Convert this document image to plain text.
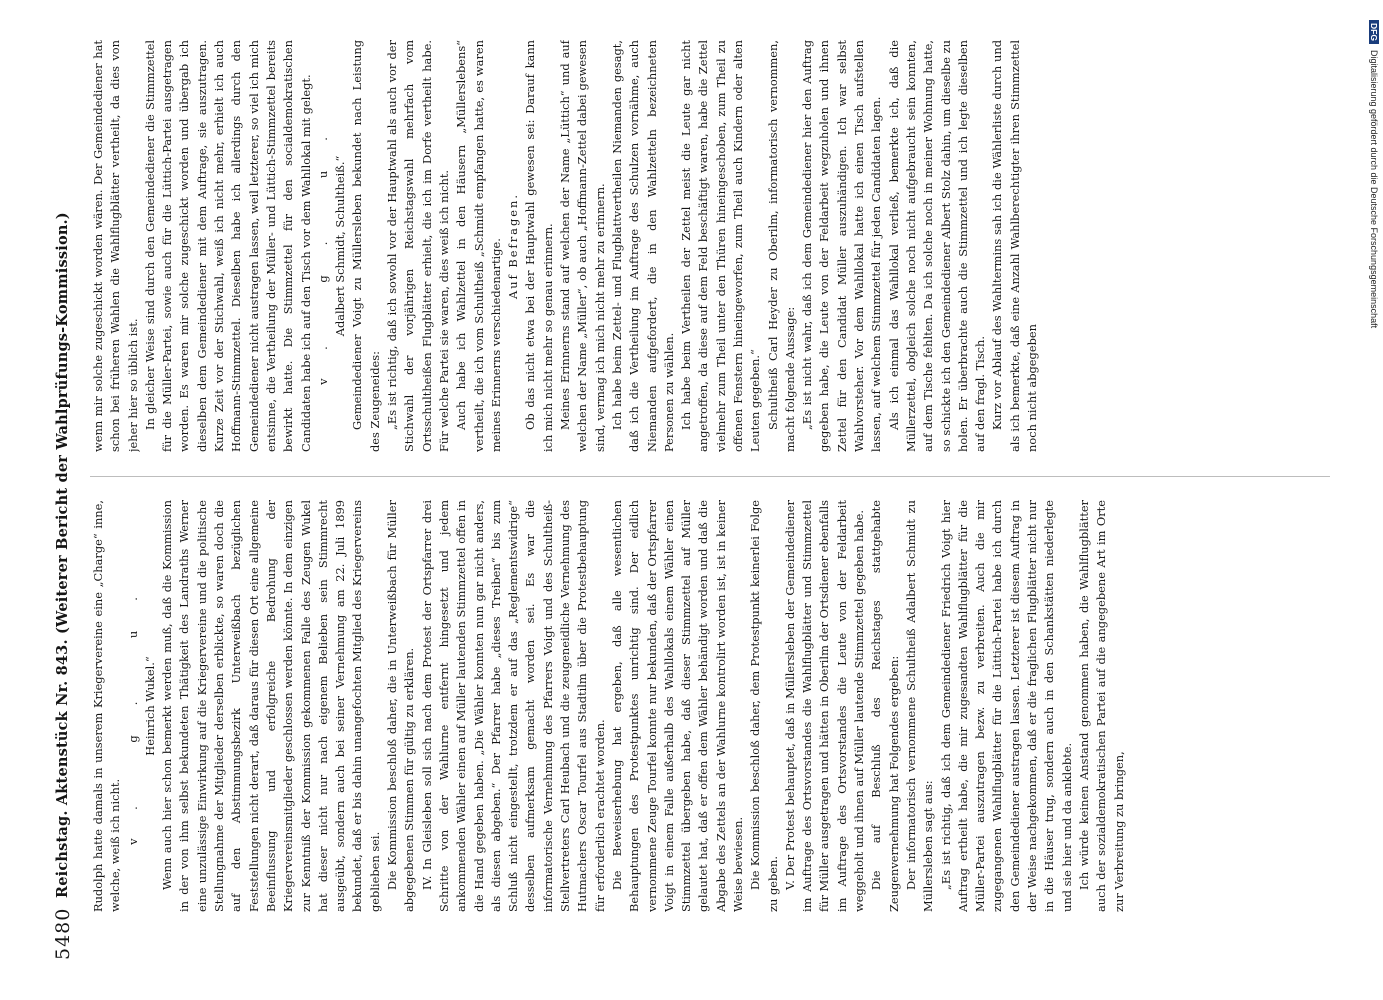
5480
Reichstag. Aktenstück Nr. 843. (Weiterer Bericht der Wahlprüfungs-Kommission.) Rudolph hatte damals in unserem Kriegervereine eine „Charge“ inne, welche, weiß ich nicht.

v. g. u. Heinrich Wukel.“ Wenn auch hier schon bemerkt werden muß, daß die Kommission in der von ihm selbst bekundeten Thätigkeit des Landraths Werner eine unzulässige Einwirkung auf die Kriegervereine und die politische Stellungnahme der Mitglieder derselben erblickte, so waren doch die auf den Abstimmungsbezirk Unterweißbach bezüglichen Feststellungen nicht derart, daß daraus für diesen Ort eine allgemeine Beeinflussung und erfolgreiche Bedrohung der Kriegervereinsmitglieder geschlossen werden könnte. In dem einzigen zur Kenntniß der Kommission gekommenen Falle des Zeugen Wukel hat dieser nicht nur nach eigenem Belieben sein Stimmrecht ausgeübt, sondern auch bei seiner Vernehmung am 22. Juli 1899 bekundet, daß er bis dahin unangefochten Mitglied des Kriegervereins geblieben sei. Die Kommission beschloß daher, die in Unterweißbach für Müller abgegebenen Stimmen für gültig zu erklären. IV. In Gleisleben soll sich nach dem Protest der Ortspfarrer drei Schritte von der Wahlurne entfernt hingesetzt und jedem ankommenden Wähler einen auf Müller lautenden Stimmzettel offen in die Hand gegeben haben. „Die Wähler konnten nun gar nicht anders, als diesen abgeben.“ Der Pfarrer habe „dieses Treiben“ bis zum Schluß nicht eingestellt, trotzdem er auf das „Reglementswidrige“ desselben aufmerksam gemacht worden sei. Es war die informatorische Vernehmung des Pfarrers Voigt und des Schultheiß-Stellvertreters Carl Heubach und die zeugeneidliche Vernehmung des Hutmachers Oscar Tourfel aus Stadtilm über die Protestbehauptung für erforderlich erachtet worden. Die Beweiserhebung hat ergeben, daß alle wesentlichen Behauptungen des Protestpunktes unrichtig sind. Der eidlich vernommene Zeuge Tourfel konnte nur bekunden, daß der Ortspfarrer Voigt in einem Falle außerhalb des Wahllokals einem Wähler einen Stimmzettel übergeben habe, daß dieser Stimmzettel auf Müller gelautet hat, daß er offen dem Wähler behändigt worden und daß die Abgabe des Zettels an der Wahlurne kontrolirt worden ist, ist in keiner Weise bewiesen. Die Kommission beschloß daher, dem Protestpunkt keinerlei Folge zu geben. V. Der Protest behauptet, daß in Müllersleben der Gemeindediener im Auftrage des Ortsvorstandes die Wahlflugblätter und Stimmzettel für Müller ausgetragen und hätten in Oberilm der Ortsdiener ebenfalls im Auftrage des Ortsvorstandes die Leute von der Feldarbeit weggeholt und ihnen auf Müller lautende Stimmzettel gegeben habe. Die auf Beschluß des Reichstages stattgehabte Zeugenvernehmung hat Folgendes ergeben: Der informatorisch vernommene Schultheiß Adalbert Schmidt zu Müllersleben sagt aus: „Es ist richtig, daß ich dem Gemeindediener Friedrich Voigt hier Auftrag ertheilt habe, die mir zugesandten Wahlflugblätter für die Müller-Partei auszutragen bezw. zu verbreiten. Auch die mir zugegangenen Wahlflugblätter für die Lüttich-Partei habe ich durch den Gemeindediener austragen lassen. Letzterer ist diesem Auftrag in der Weise nachgekommen, daß er die fraglichen Flugblätter nicht nur in die Häuser trug, sondern auch in den Schankstätten niederlegte und sie hier und da anklebte. Ich würde keinen Anstand genommen haben, die Wahlflugblätter auch der sozialdemokratischen Partei auf die angegebene Art im Orte zur Verbreitung zu bringen,

wenn mir solche zugeschickt worden wären. Der Gemeindediener hat schon bei früheren Wahlen die Wahlflugblätter vertheilt, da dies von jeher hier so üblich ist. In gleicher Weise sind durch den Gemeindediener die Stimmzettel für die Müller-Partei, sowie auch für die Lüttich-Partei ausgetragen worden. Es waren mir solche zugeschickt worden und übergab ich dieselben dem Gemeindediener mit dem Auftrage, sie auszutragen. Kurze Zeit vor der Stichwahl, weiß ich nicht mehr, erhielt ich auch Hoffmann-Stimmzettel. Dieselben habe ich allerdings durch den Gemeindediener nicht austragen lassen, weil letzterer, so viel ich mich entsinne, die Vertheilung der Müller- und Lüttich-Stimmzettel bereits bewirkt hatte. Die Stimmzettel für den socialdemokratischen Candidaten habe ich auf den Tisch vor dem Wahllokal mit gelegt. v. g. u. Adalbert Schmidt, Schultheiß.“ Gemeindediener Voigt zu Müllersleben bekundet nach Leistung des Zeugeneides: „Es ist richtig, daß ich sowohl vor der Hauptwahl als auch vor der Stichwahl der vorjährigen Reichstagswahl mehrfach vom Ortsschultheißen Flugblätter erhielt, die ich im Dorfe vertheilt habe. Für welche Partei sie waren, dies weiß ich nicht. Auch habe ich Wahlzettel in den Häusern „Müllerslebens“ vertheilt, die ich vom Schultheiß „Schmidt empfangen hatte, es waren meines Erinnerns verschiedenartige. Auf Befragen. Ob das nicht etwa bei der Hauptwahl gewesen sei: Darauf kann ich mich nicht mehr so genau erinnern. Meines Erinnerns stand auf welchen der Name „Lüttich“ und auf welchen der Name „Müller“, ob auch „Hoffmann-Zettel dabei gewesen sind, vermag ich mich nicht mehr zu erinnern. Ich habe beim Zettel- und Flugblattvertheilen Niemanden gesagt, daß ich die Vertheilung im Auftrage des Schulzen vornähme, auch Niemanden aufgefordert, die in den Wahlzetteln bezeichneten Personen zu wählen. Ich habe beim Vertheilen der Zettel meist die Leute gar nicht angetroffen, da diese auf dem Feld beschäftigt waren, habe die Zettel vielmehr zum Theil unter den Thüren hineingeschoben, zum Theil zu offenen Fenstern hineingeworfen, zum Theil auch Kindern oder alten Leuten gegeben.“ Schultheiß Carl Heyder zu Oberilm, informatorisch vernommen, macht folgende Aussage: „Es ist nicht wahr, daß ich dem Gemeindediener hier den Auftrag gegeben habe, die Leute von der Feldarbeit wegzuholen und ihnen Zettel für den Candidat Müller auszuhändigen. Ich war selbst Wahlvorsteher. Vor dem Wahllokal hatte ich einen Tisch aufstellen lassen, auf welchem Stimmzettel für jeden Candidaten lagen. Als ich einmal das Wahllokal verließ, bemerkte ich, daß die Müllerzettel, obgleich solche noch nicht aufgebraucht sein konnten, auf dem Tische fehlten. Da ich solche noch in meiner Wohnung hatte, so schickte ich den Gemeindediener Albert Stolz dahin, um dieselbe zu holen. Er überbrachte auch die Stimmzettel und ich legte dieselben auf den fragl. Tisch. Kurz vor Ablauf des Wahltermins sah ich die Wählerliste durch und als ich bemerkte, daß eine Anzahl Wahlberechtigter ihren Stimmzettel noch nicht abgegeben

DFGDigitalisierung gefördert durch die Deutsche Forschungsgemeinschaft
